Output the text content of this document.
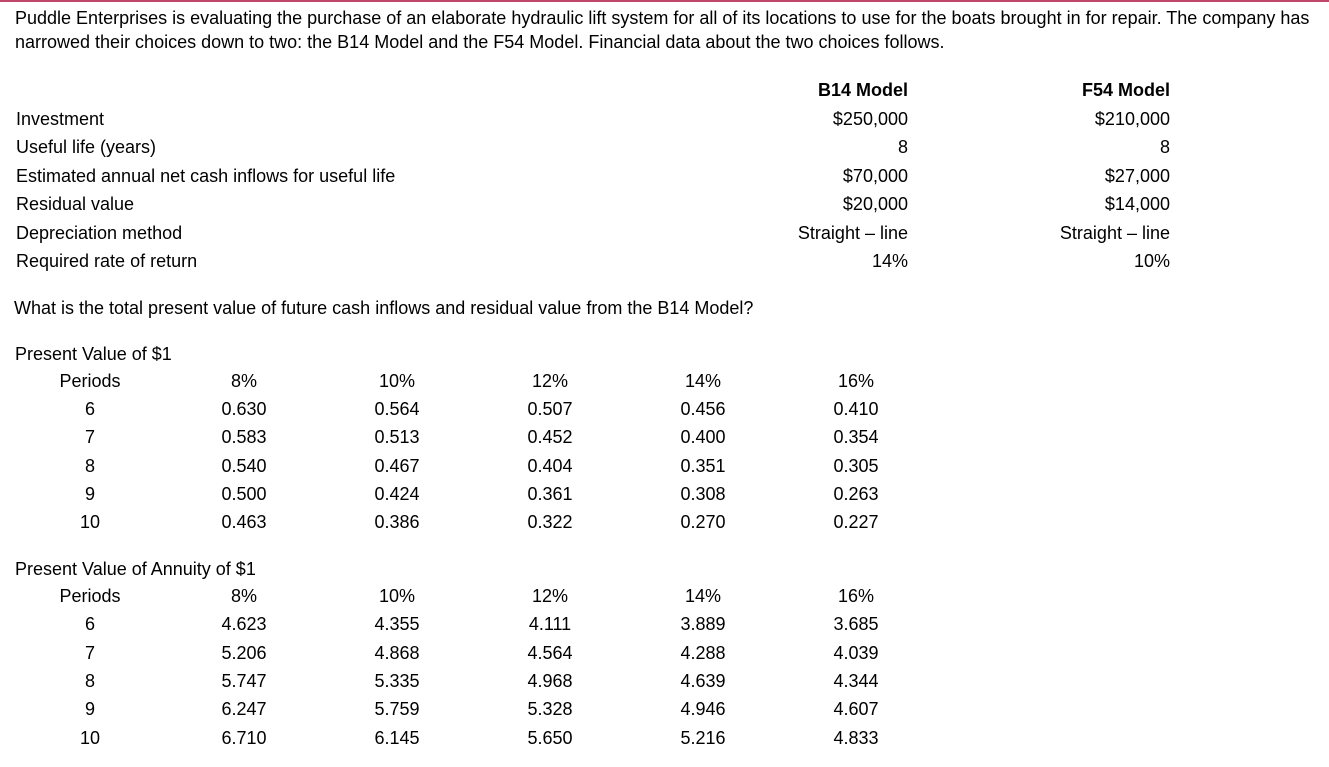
Puddle Enterprises is evaluating the purchase of an elaborate hydraulic lift system for all of its locations to use for the boats brought in for repair. The company has narrowed their choices down to two: the B14 Model and the F54 Model. Financial data about the two choices follows.
B14 Model	F54 Model
Investment	$250,000	$210,000
Useful life (years)	8	8
Estimated annual net cash inflows for useful life	$70,000	$27,000
Residual value	$20,000	$14,000
Depreciation method	Straight – line	Straight – line
Required rate of return	14%	10%
What is the total present value of future cash inflows and residual value from the B14 Model?
Present Value of $1
Periods	8%	10%	12%	14%	16%
6	0.630	0.564	0.507	0.456	0.410
7	0.583	0.513	0.452	0.400	0.354
8	0.540	0.467	0.404	0.351	0.305
9	0.500	0.424	0.361	0.308	0.263
10	0.463	0.386	0.322	0.270	0.227
Present Value of Annuity of $1
Periods	8%	10%	12%	14%	16%
6	4.623	4.355	4.111	3.889	3.685
7	5.206	4.868	4.564	4.288	4.039
8	5.747	5.335	4.968	4.639	4.344
9	6.247	5.759	5.328	4.946	4.607
10	6.710	6.145	5.650	5.216	4.833
